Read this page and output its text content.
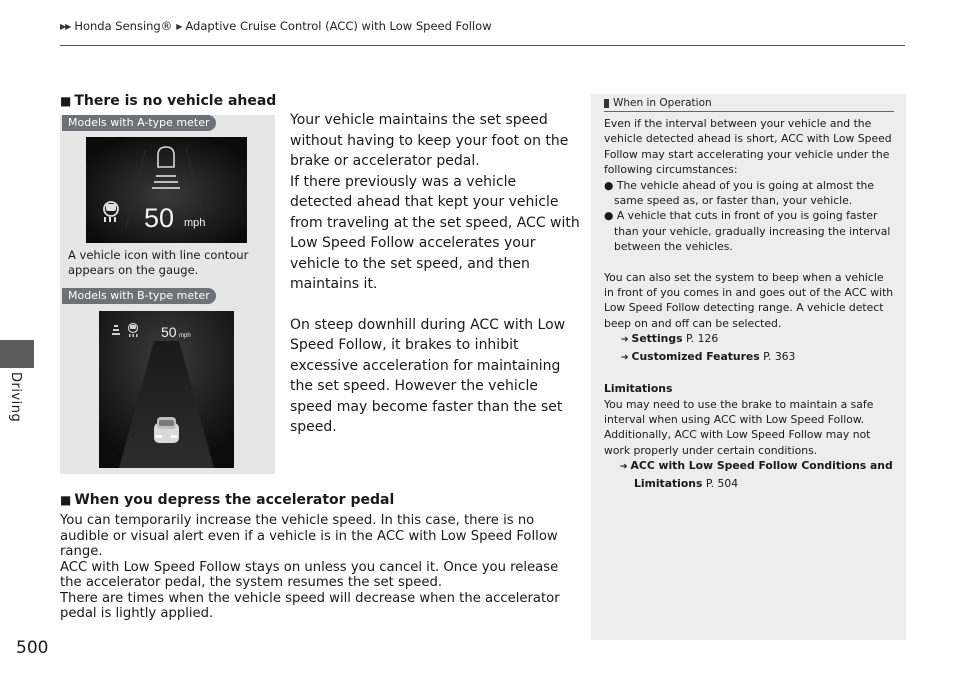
▶▶ Honda Sensing® ▶ Adaptive Cruise Control (ACC) with Low Speed Follow
Driving
■ There is no vehicle ahead
Models with A-type meter
50 mph
A vehicle icon with line contour appears on the gauge.
Models with B-type meter
50 mph

Your vehicle maintains the set speed without having to keep your foot on the brake or accelerator pedal.

If there previously was a vehicle detected ahead that kept your vehicle from traveling at the set speed, ACC with Low Speed Follow accelerates your vehicle to the set speed, and then maintains it.

On steep downhill during ACC with Low Speed Follow, it brakes to inhibit excessive acceleration for maintaining the set speed. However the vehicle speed may become faster than the set speed.

■ When you depress the accelerator pedal

You can temporarily increase the vehicle speed. In this case, there is no audible or visual alert even if a vehicle is in the ACC with Low Speed Follow range.

ACC with Low Speed Follow stays on unless you cancel it. Once you release the accelerator pedal, the system resumes the set speed.

There are times when the vehicle speed will decrease when the accelerator pedal is lightly applied.

When in Operation

Even if the interval between your vehicle and the vehicle detected ahead is short, ACC with Low Speed Follow may start accelerating your vehicle under the following circumstances:

● The vehicle ahead of you is going at almost the same speed as, or faster than, your vehicle.

● A vehicle that cuts in front of you is going faster than your vehicle, gradually increasing the interval between the vehicles.

You can also set the system to beep when a vehicle in front of you comes in and goes out of the ACC with Low Speed Follow detecting range. A vehicle detect beep on and off can be selected.

➔ Settings P. 126

➔ Customized Features P. 363

Limitations

You may need to use the brake to maintain a safe interval when using ACC with Low Speed Follow. Additionally, ACC with Low Speed Follow may not work properly under certain conditions.

➔ ACC with Low Speed Follow Conditions and Limitations P. 504

500
